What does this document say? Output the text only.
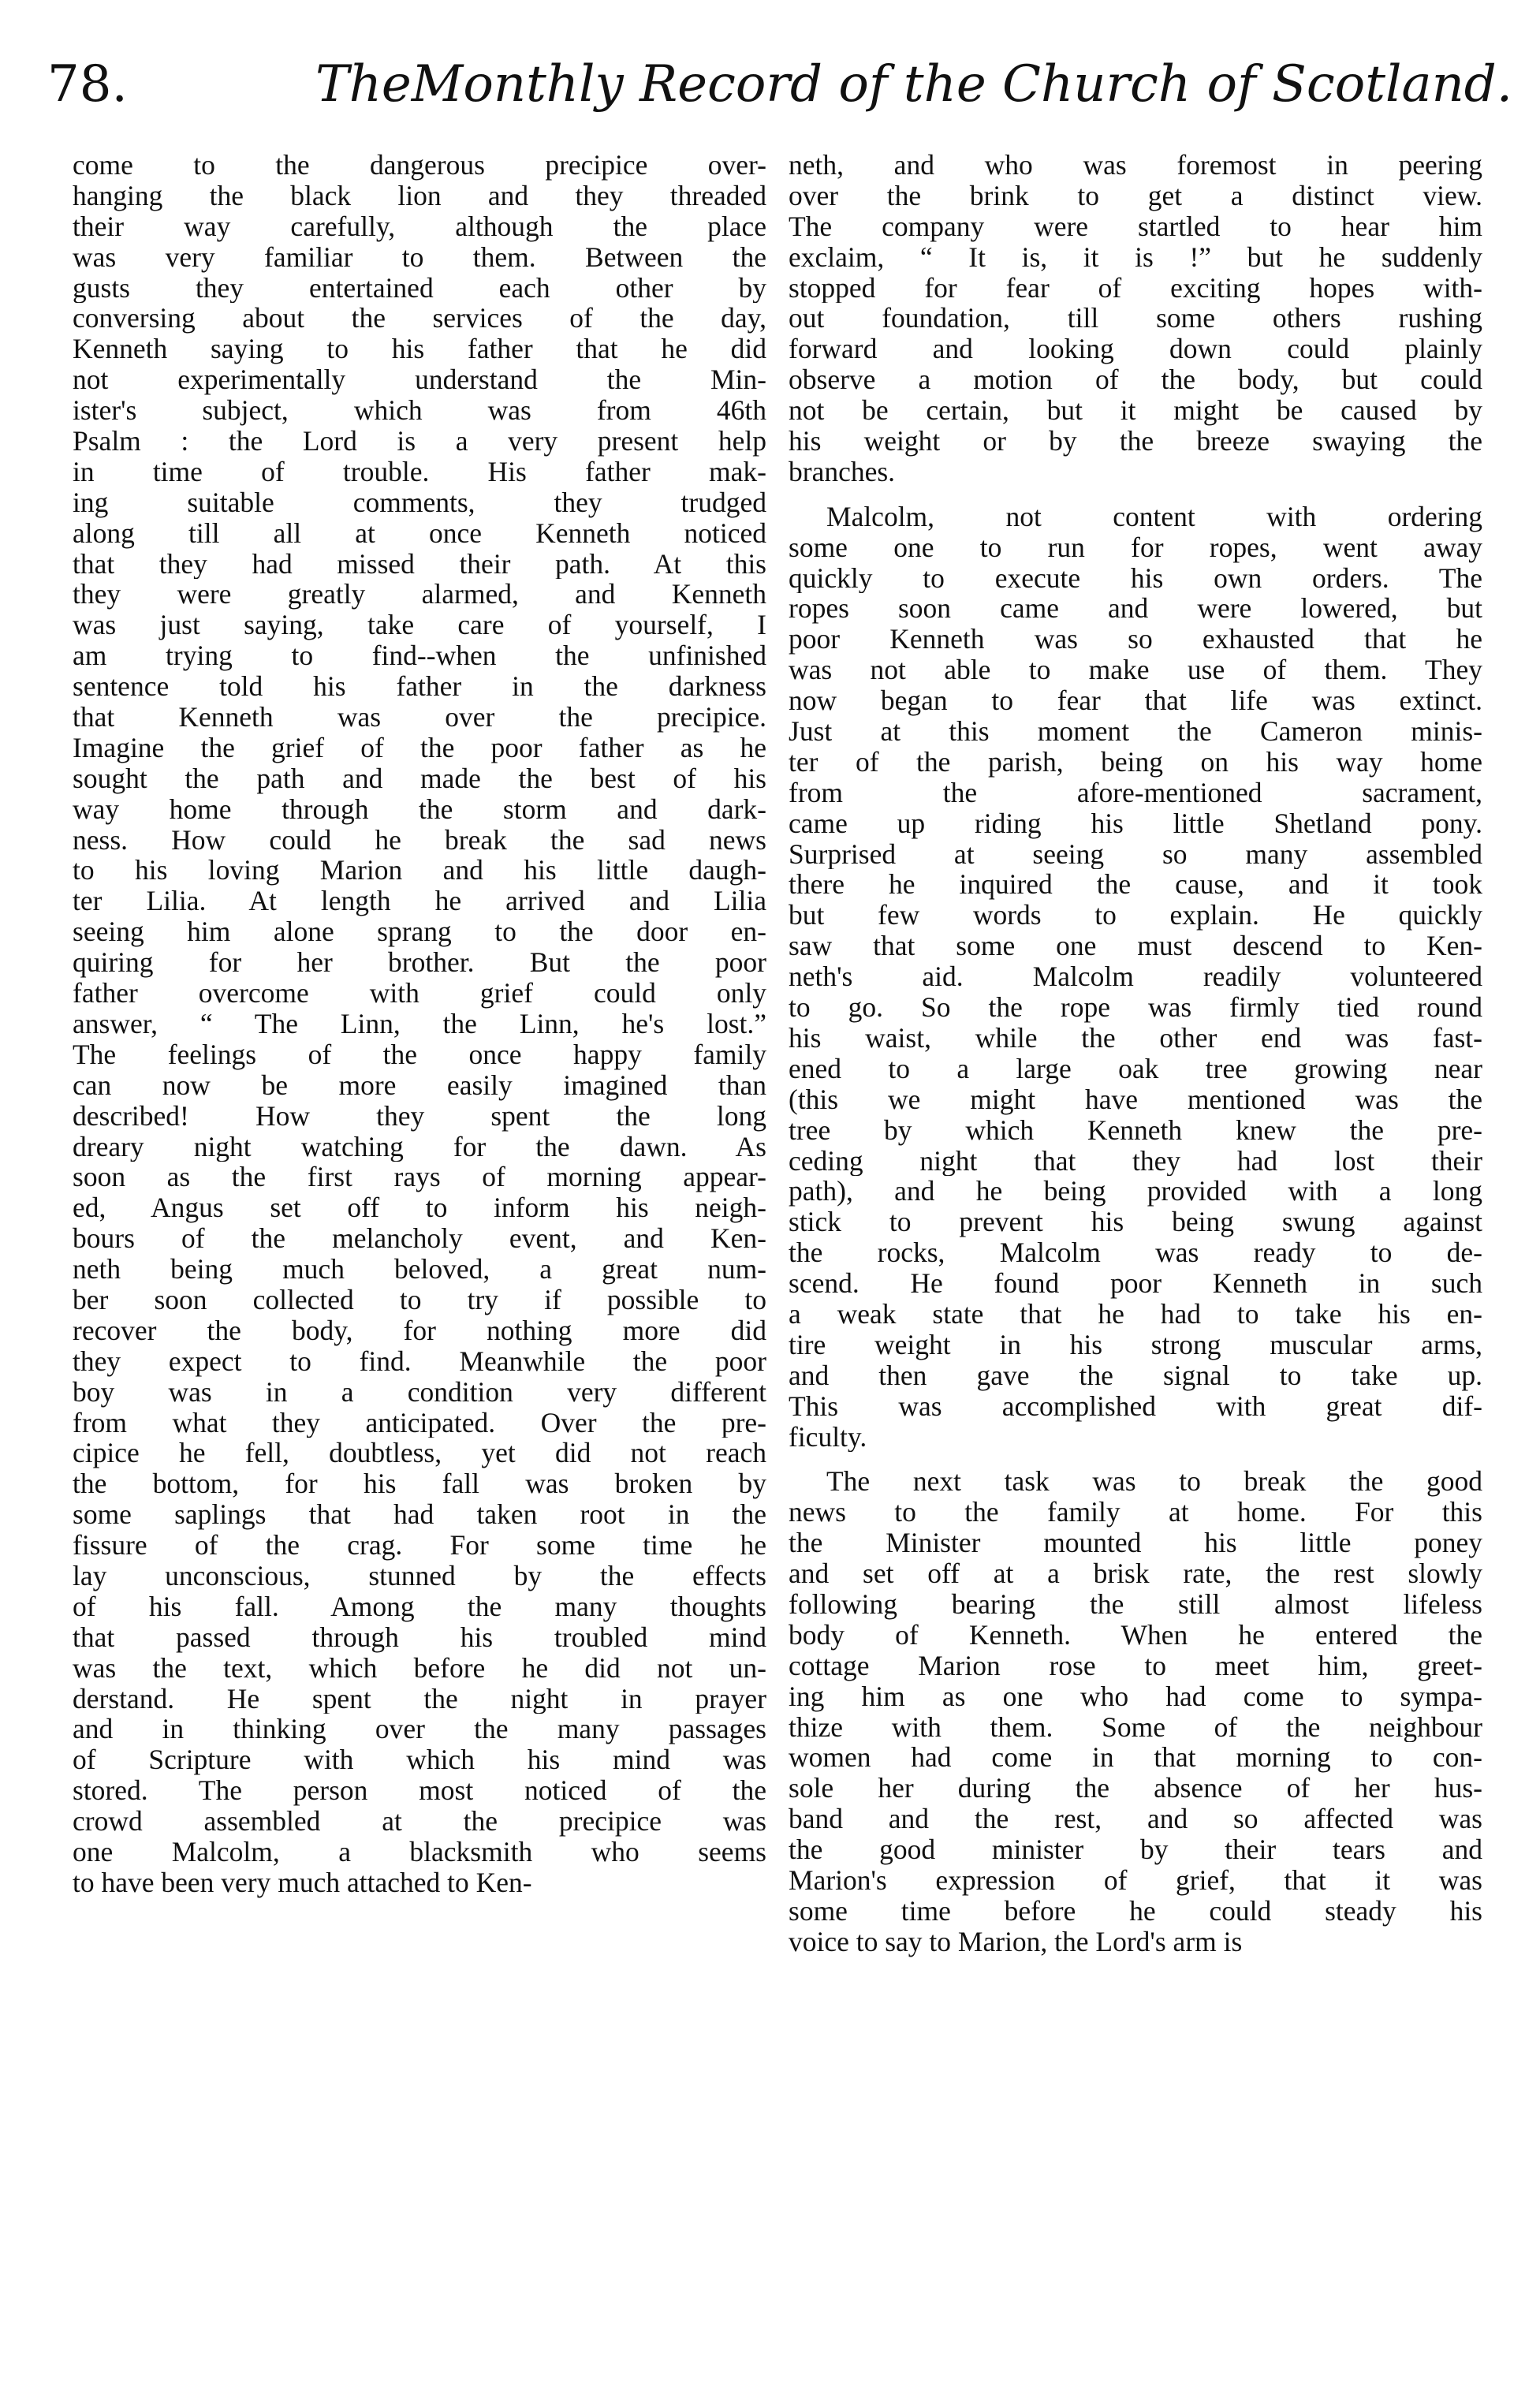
78.	TheMonthly Record of the Church of Scotland.
come to the dangerous precipice over-
hanging the black lion and they threaded
their way carefully, although the place
was very familiar to them. Between the
gusts they entertained each other by
conversing about the services of the day,
Kenneth saying to his father that he did
not experimentally understand the Min-
ister's subject, which was from 46th
Psalm : the Lord is a very present help
in time of trouble. His father mak-
ing suitable comments, they trudged
along till all at once Kenneth noticed
that they had missed their path. At this
they were greatly alarmed, and Kenneth
was just saying, take care of yourself, I
am trying to find--when the unfinished
sentence told his father in the darkness
that Kenneth was over the precipice.
Imagine the grief of the poor father as he
sought the path and made the best of his
way home through the storm and dark-
ness. How could he break the sad news
to his loving Marion and his little daugh-
ter Lilia. At length he arrived and Lilia
seeing him alone sprang to the door en-
quiring for her brother. But the poor
father overcome with grief could only
answer, “ The Linn, the Linn, he's lost.”
The feelings of the once happy family
can now be more easily imagined than
described! How they spent the long
dreary night watching for the dawn. As
soon as the first rays of morning appear-
ed, Angus set off to inform his neigh-
bours of the melancholy event, and Ken-
neth being much beloved, a great num-
ber soon collected to try if possible to
recover the body, for nothing more did
they expect to find. Meanwhile the poor
boy was in a condition very different
from what they anticipated. Over the pre-
cipice he fell, doubtless, yet did not reach
the bottom, for his fall was broken by
some saplings that had taken root in the
fissure of the crag. For some time he
lay unconscious, stunned by the effects
of his fall. Among the many thoughts
that passed through his troubled mind
was the text, which before he did not un-
derstand. He spent the night in prayer
and in thinking over the many passages
of Scripture with which his mind was
stored. The person most noticed of the
crowd assembled at the precipice was
one Malcolm, a blacksmith who seems
to have been very much attached to Ken-
neth, and who was foremost in peering
over the brink to get a distinct view.
The company were startled to hear him
exclaim, “ It is, it is !” but he suddenly
stopped for fear of exciting hopes with-
out foundation, till some others rushing
forward and looking down could plainly
observe a motion of the body, but could
not be certain, but it might be caused by
his weight or by the breeze swaying the
branches.
Malcolm, not content with ordering
some one to run for ropes, went away
quickly to execute his own orders. The
ropes soon came and were lowered, but
poor Kenneth was so exhausted that he
was not able to make use of them. They
now began to fear that life was extinct.
Just at this moment the Cameron minis-
ter of the parish, being on his way home
from the afore-mentioned sacrament,
came up riding his little Shetland pony.
Surprised at seeing so many assembled
there he inquired the cause, and it took
but few words to explain. He quickly
saw that some one must descend to Ken-
neth's aid. Malcolm readily volunteered
to go. So the rope was firmly tied round
his waist, while the other end was fast-
ened to a large oak tree growing near
(this we might have mentioned was the
tree by which Kenneth knew the pre-
ceding night that they had lost their
path), and he being provided with a long
stick to prevent his being swung against
the rocks, Malcolm was ready to de-
scend. He found poor Kenneth in such
a weak state that he had to take his en-
tire weight in his strong muscular arms,
and then gave the signal to take up.
This was accomplished with great dif-
ficulty.
The next task was to break the good
news to the family at home. For this
the Minister mounted his little poney
and set off at a brisk rate, the rest slowly
following bearing the still almost lifeless
body of Kenneth. When he entered the
cottage Marion rose to meet him, greet-
ing him as one who had come to sympa-
thize with them. Some of the neighbour
women had come in that morning to con-
sole her during the absence of her hus-
band and the rest, and so affected was
the good minister by their tears and
Marion's expression of grief, that it was
some time before he could steady his
voice to say to Marion, the Lord's arm is
